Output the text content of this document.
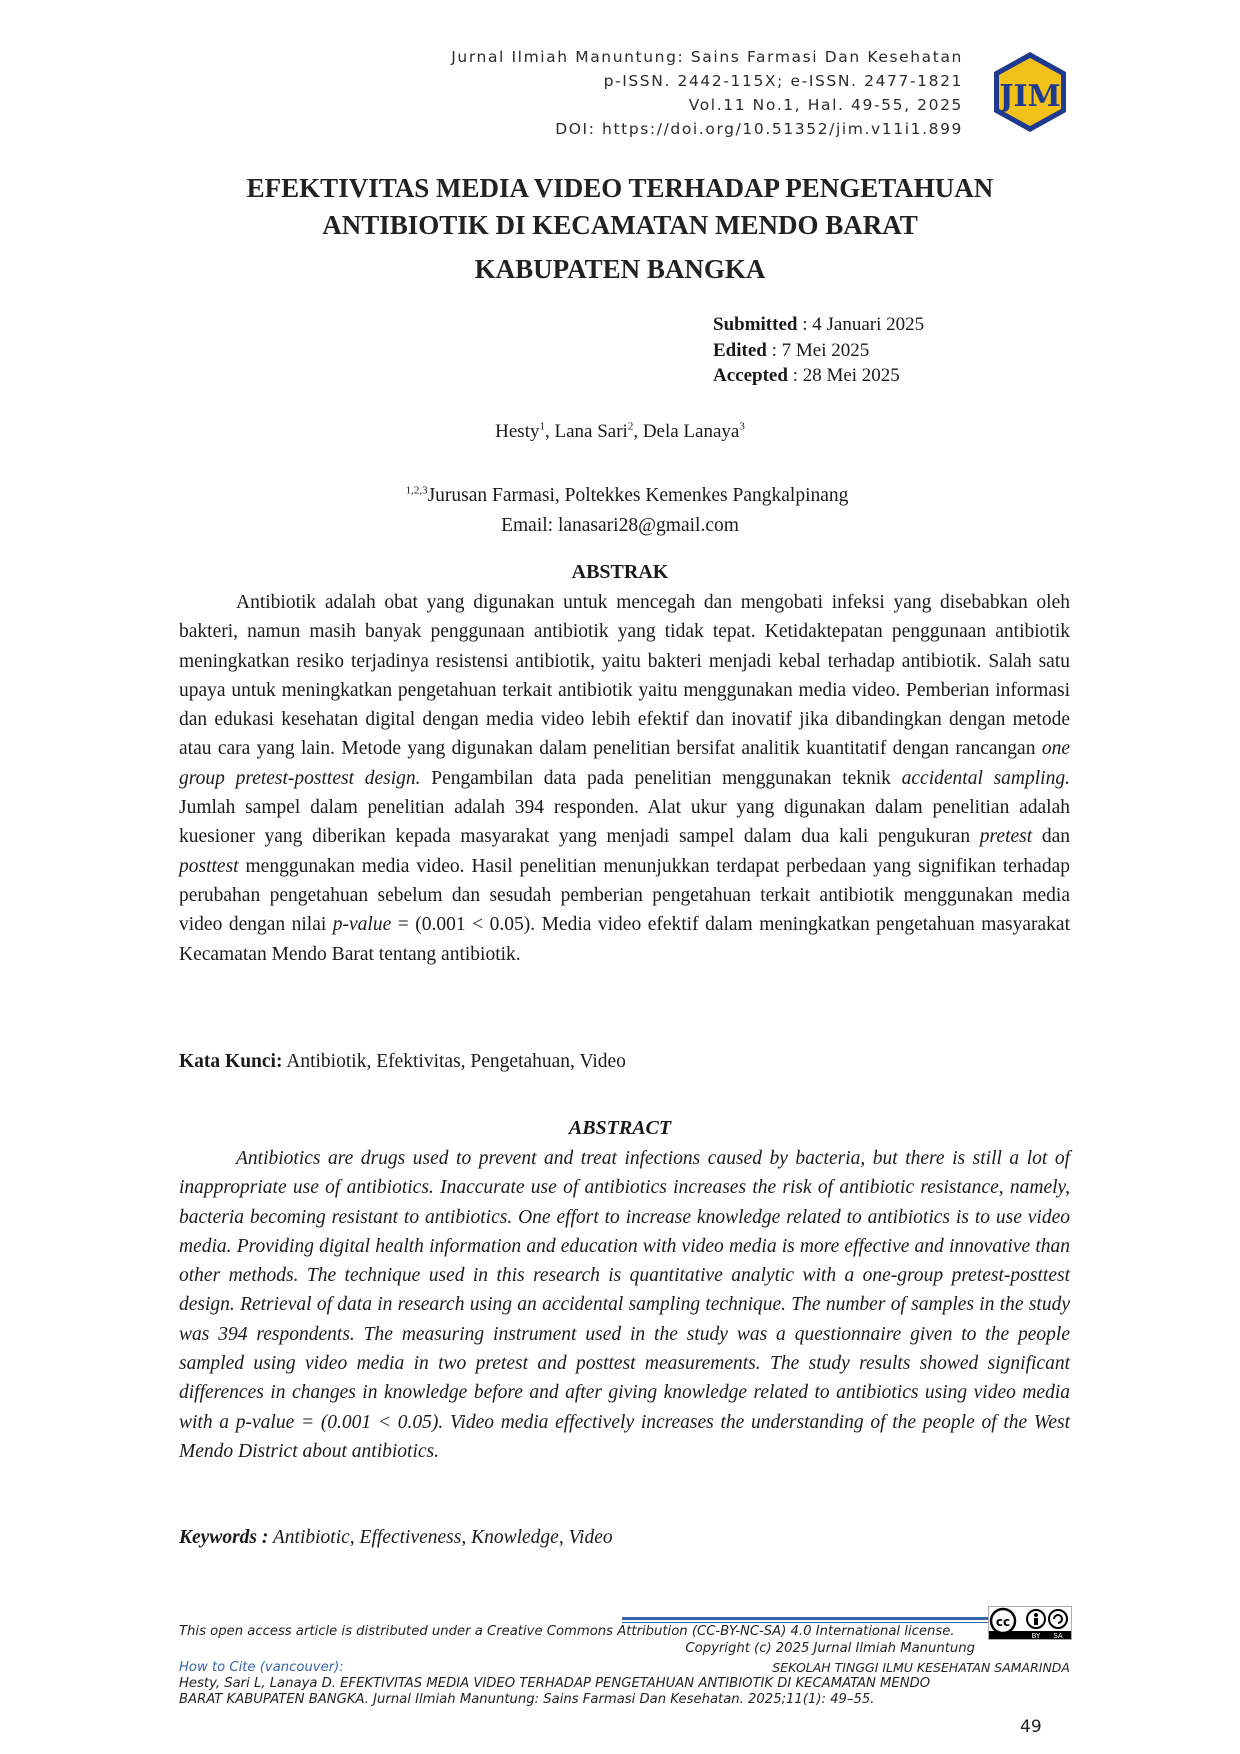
Jurnal Ilmiah Manuntung: Sains Farmasi Dan Kesehatan
p-ISSN. 2442-115X; e-ISSN. 2477-1821
Vol.11 No.1, Hal. 49-55, 2025
DOI: https://doi.org/10.51352/jim.v11i1.899
JIM
EFEKTIVITAS MEDIA VIDEO TERHADAP PENGETAHUAN
ANTIBIOTIK DI KECAMATAN MENDO BARAT
KABUPATEN BANGKA
Submitted : 4 Januari 2025
Edited : 7 Mei 2025
Accepted : 28 Mei 2025
Hesty$^1$, Lana Sari$^2$, Dela Lanaya$^3$
$^{1,2,3}$Jurusan Farmasi, Poltekkes Kemenkes Pangkalpinang
Email: lanasari28@gmail.com
ABSTRAK

Antibiotik adalah obat yang digunakan untuk mencegah dan mengobati infeksi yang disebabkan oleh bakteri, namun masih banyak penggunaan antibiotik yang tidak tepat. Ketidaktepatan penggunaan antibiotik meningkatkan resiko terjadinya resistensi antibiotik, yaitu bakteri menjadi kebal terhadap antibiotik. Salah satu upaya untuk meningkatkan pengetahuan terkait antibiotik yaitu menggunakan media video. Pemberian informasi dan edukasi kesehatan digital dengan media video lebih efektif dan inovatif jika dibandingkan dengan metode atau cara yang lain. Metode yang digunakan dalam penelitian bersifat analitik kuantitatif dengan rancangan one group pretest-posttest design. Pengambilan data pada penelitian menggunakan teknik accidental sampling. Jumlah sampel dalam penelitian adalah 394 responden. Alat ukur yang digunakan dalam penelitian adalah kuesioner yang diberikan kepada masyarakat yang menjadi sampel dalam dua kali pengukuran pretest dan posttest menggunakan media video. Hasil penelitian menunjukkan terdapat perbedaan yang signifikan terhadap perubahan pengetahuan sebelum dan sesudah pemberian pengetahuan terkait antibiotik menggunakan media video dengan nilai p-value = (0.001 < 0.05). Media video efektif dalam meningkatkan pengetahuan masyarakat Kecamatan Mendo Barat tentang antibiotik.

Kata Kunci: Antibiotik, Efektivitas, Pengetahuan, Video
ABSTRACT

Antibiotics are drugs used to prevent and treat infections caused by bacteria, but there is still a lot of inappropriate use of antibiotics. Inaccurate use of antibiotics increases the risk of antibiotic resistance, namely, bacteria becoming resistant to antibiotics. One effort to increase knowledge related to antibiotics is to use video media. Providing digital health information and education with video media is more effective and innovative than other methods. The technique used in this research is quantitative analytic with a one-group pretest-posttest design. Retrieval of data in research using an accidental sampling technique. The number of samples in the study was 394 respondents. The measuring instrument used in the study was a questionnaire given to the people sampled using video media in two pretest and posttest measurements. The study results showed significant differences in changes in knowledge before and after giving knowledge related to antibiotics using video media with a p-value = (0.001 < 0.05). Video media effectively increases the understanding of the people of the West Mendo District about antibiotics.

Keywords : Antibiotic, Effectiveness, Knowledge, Video
This open access article is distributed under a Creative Commons Attribution (CC-BY-NC-SA) 4.0 International license.
Copyright (c) 2025 Jurnal Ilmiah Manuntung
cc
BY SA
How to Cite (vancouver):	SEKOLAH TINGGI ILMU KESEHATAN SAMARINDA
Hesty, Sari L, Lanaya D. EFEKTIVITAS MEDIA VIDEO TERHADAP PENGETAHUAN ANTIBIOTIK DI KECAMATAN MENDO
BARAT KABUPATEN BANGKA. Jurnal Ilmiah Manuntung: Sains Farmasi Dan Kesehatan. 2025;11(1): 49–55.
49
